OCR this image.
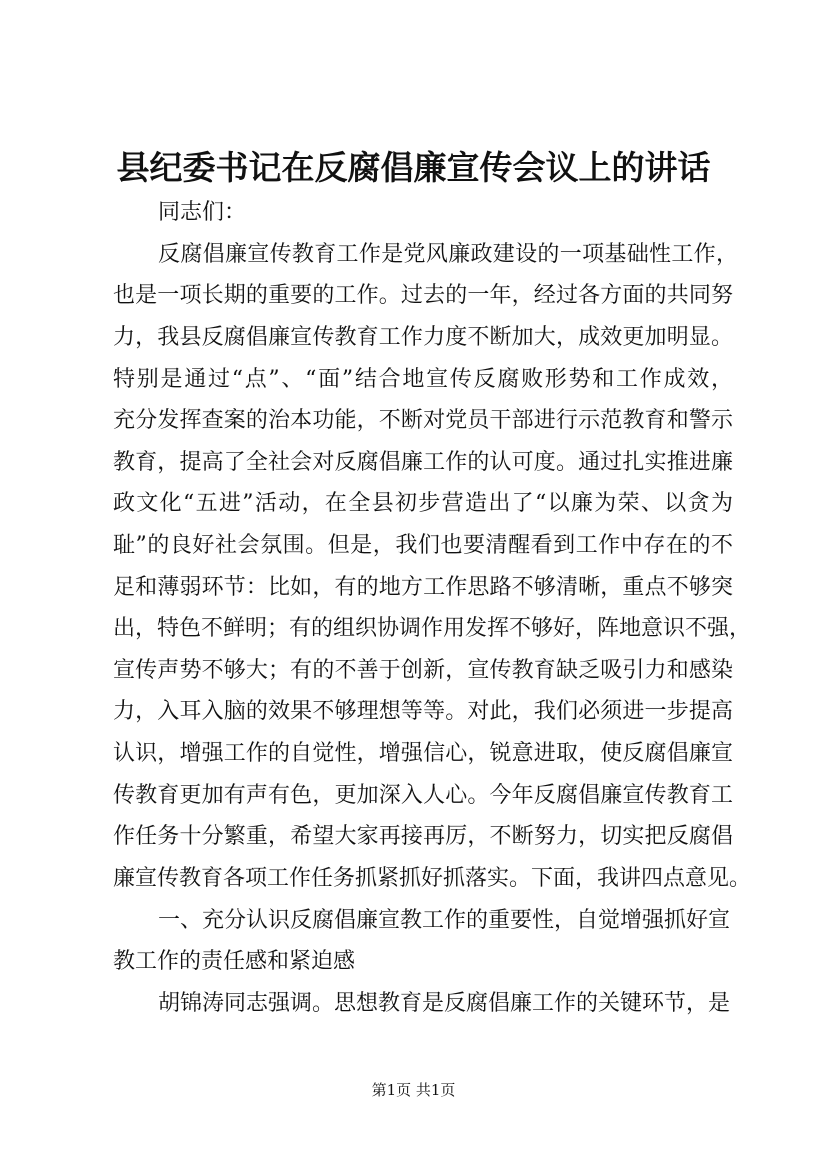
县纪委书记在反腐倡廉宣传会议上的讲话
同志们：
反腐倡廉宣传教育工作是党风廉政建设的一项基础性工作，
也是一项长期的重要的工作。过去的一年，经过各方面的共同努
力，我县反腐倡廉宣传教育工作力度不断加大，成效更加明显。
特别是通过“点”、“面”结合地宣传反腐败形势和工作成效，
充分发挥查案的治本功能，不断对党员干部进行示范教育和警示
教育，提高了全社会对反腐倡廉工作的认可度。通过扎实推进廉
政文化“五进”活动，在全县初步营造出了“以廉为荣、以贪为
耻”的良好社会氛围。但是，我们也要清醒看到工作中存在的不
足和薄弱环节：比如，有的地方工作思路不够清晰，重点不够突
出，特色不鲜明；有的组织协调作用发挥不够好，阵地意识不强，
宣传声势不够大；有的不善于创新，宣传教育缺乏吸引力和感染
力，入耳入脑的效果不够理想等等。对此，我们必须进一步提高
认识，增强工作的自觉性，增强信心，锐意进取，使反腐倡廉宣
传教育更加有声有色，更加深入人心。今年反腐倡廉宣传教育工
作任务十分繁重，希望大家再接再厉，不断努力，切实把反腐倡
廉宣传教育各项工作任务抓紧抓好抓落实。下面，我讲四点意见。
一、充分认识反腐倡廉宣教工作的重要性，自觉增强抓好宣
教工作的责任感和紧迫感
胡锦涛同志强调。思想教育是反腐倡廉工作的关键环节，是
第1页 共1页
